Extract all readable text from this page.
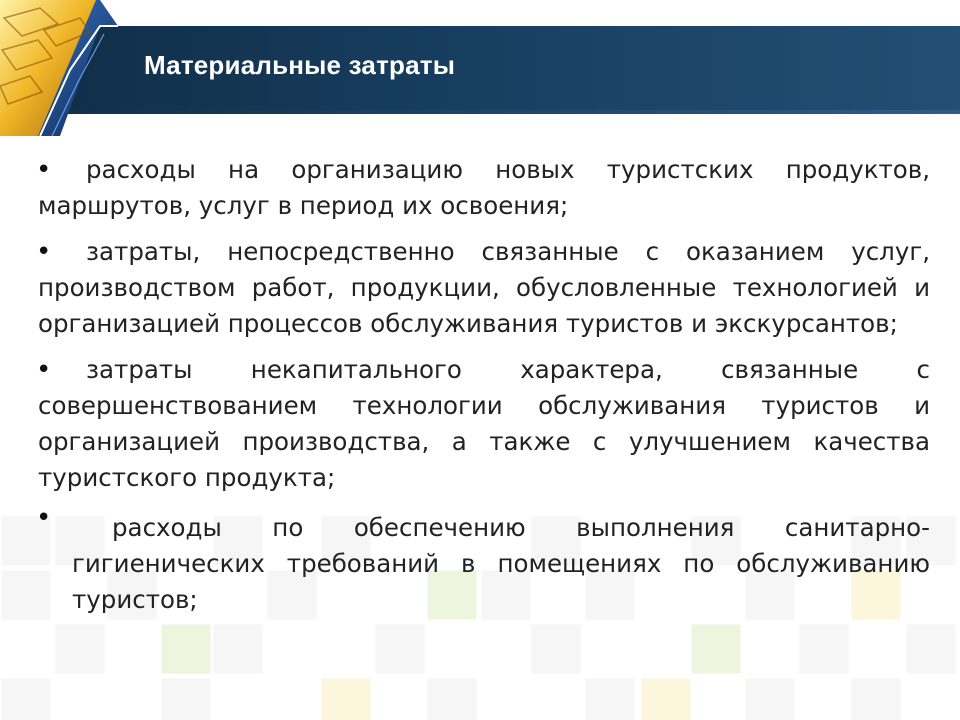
Материальные затраты

• расходы на организацию новых туристских продуктов, маршрутов, услуг в период их освоения;

• затраты, непосредственно связанные с оказанием услуг, производством работ, продукции, обусловленные технологией и организацией процессов обслуживания туристов и экскурсантов;

• затраты некапитального характера, связанные с совершенствованием технологии обслуживания туристов и организацией производства, а также с улучшением качества туристского продукта;

• расходы по обеспечению выполнения санитарно-гигиенических требований в помещениях по обслуживанию туристов;
